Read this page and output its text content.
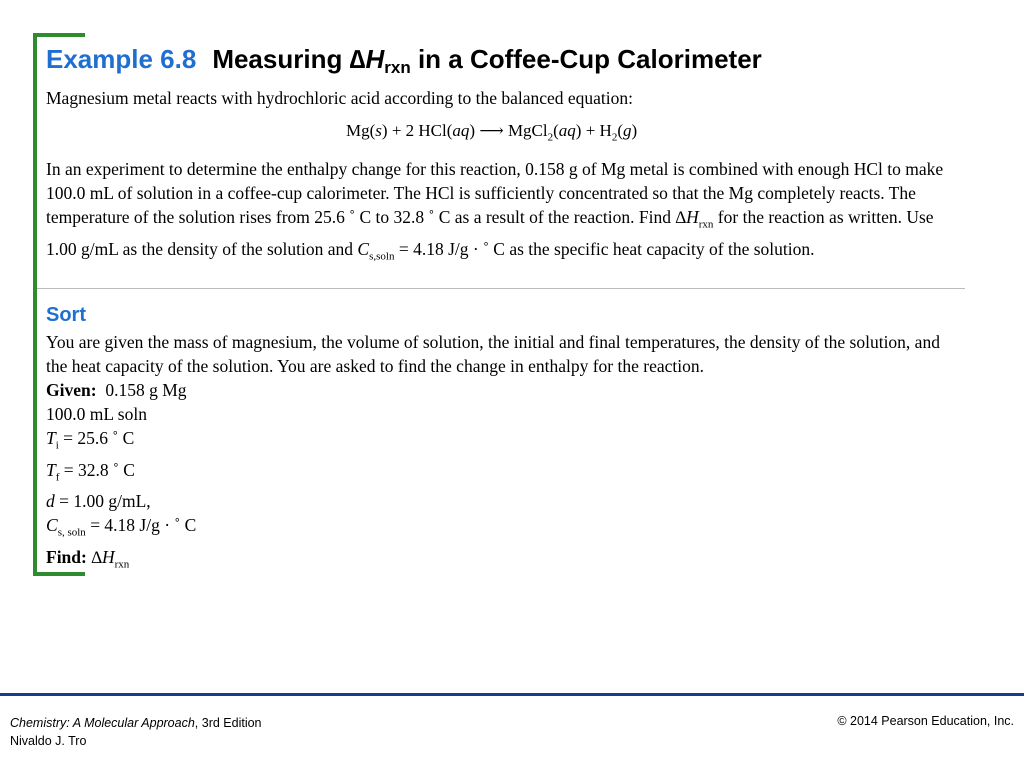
Example 6.8 Measuring $\Delta H_{rxn}$ in a Coffee-Cup Calorimeter
Magnesium metal reacts with hydrochloric acid according to the balanced equation:
Mg(s) + 2 HCl(aq) ⟶ MgCl$_2$(aq) + $H_2(g)$
In an experiment to determine the enthalpy change for this reaction, 0.158 g of Mg metal is combined with enough HCl to make 100.0 mL of solution in a coffee-cup calorimeter. The HCl is sufficiently concentrated so that the Mg completely reacts. The temperature of the solution rises from 25.6 ˚ C to 32.8 ˚ C as a result of the reaction. Find $\Delta H_{rxn}$ for the reaction as written. Use 1.00 g/mL as the density of the solution and $C_{s,soln} = 4.18$ J/g · ˚ C as the specific heat capacity of the solution.
Sort
You are given the mass of magnesium, the volume of solution, the initial and final temperatures, the density of the solution, and the heat capacity of the solution. You are asked to find the change in enthalpy for the reaction.
Given:  0.158 g Mg
100.0 mL soln
$T_i = 25.6$ ˚ C
$T_f = 32.8$ ˚ C
d = 1.00 g/mL,
$C_{s, soln} = 4.18$ J/g · ˚ C
Find: $\Delta H_{rxn}$
Chemistry: A Molecular Approach, 3rd Edition
Nivaldo J. Tro
© 2014 Pearson Education, Inc.
